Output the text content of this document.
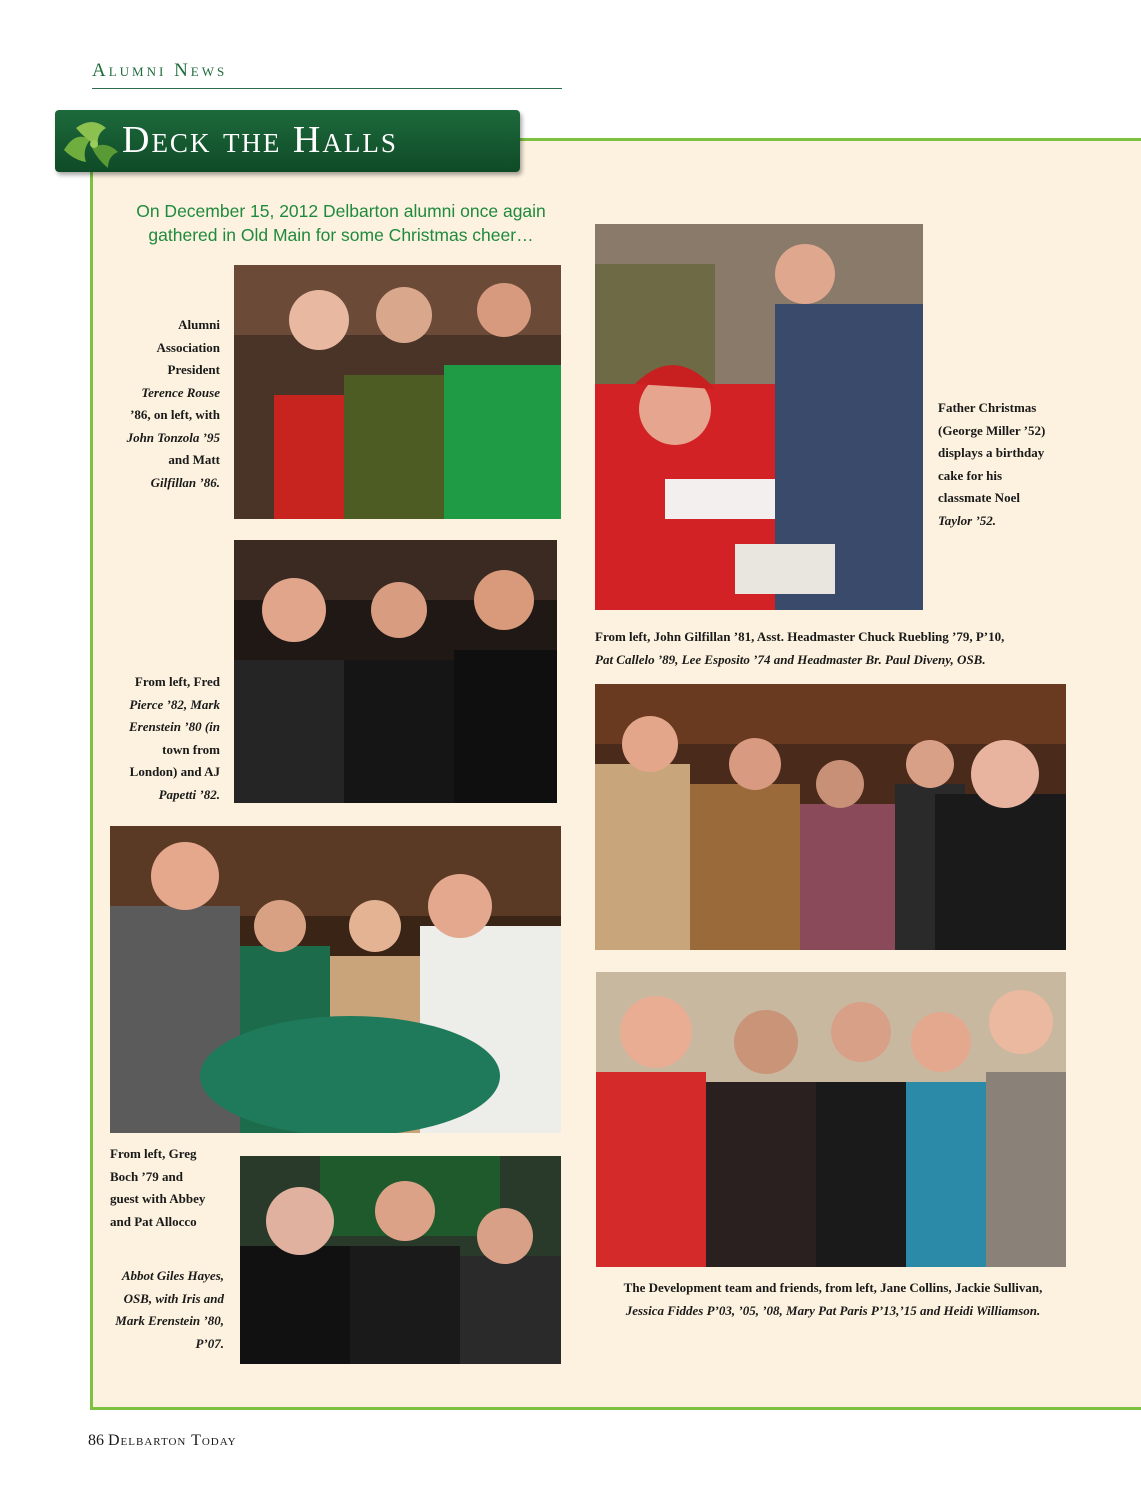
Alumni News
Deck the Halls
On December 15, 2012 Delbarton alumni once again gathered in Old Main for some Christmas cheer…
Alumni
Association
President
Terence Rouse
’86, on left, with
John Tonzola ’95
and Matt
Gilfillan ’86.
From left, Fred
Pierce ’82, Mark
Erenstein ’80 (in
town from
London) and AJ
Papetti ’82.
From left, Greg
Boch ’79 and
guest with Abbey
and Pat Allocco
Abbot Giles Hayes,
OSB, with Iris and
Mark Erenstein ’80,
P’07.
Father Christmas
(George Miller ’52)
displays a birthday
cake for his
classmate Noel
Taylor ’52.
From left, John Gilfillan ’81, Asst. Headmaster Chuck Ruebling ’79, P’10,
Pat Callelo ’89, Lee Esposito ’74 and Headmaster Br. Paul Diveny, OSB.
The Development team and friends, from left, Jane Collins, Jackie Sullivan,
Jessica Fiddes P’03, ’05, ’08, Mary Pat Paris P’13,’15 and Heidi Williamson.
86 Delbarton Today
